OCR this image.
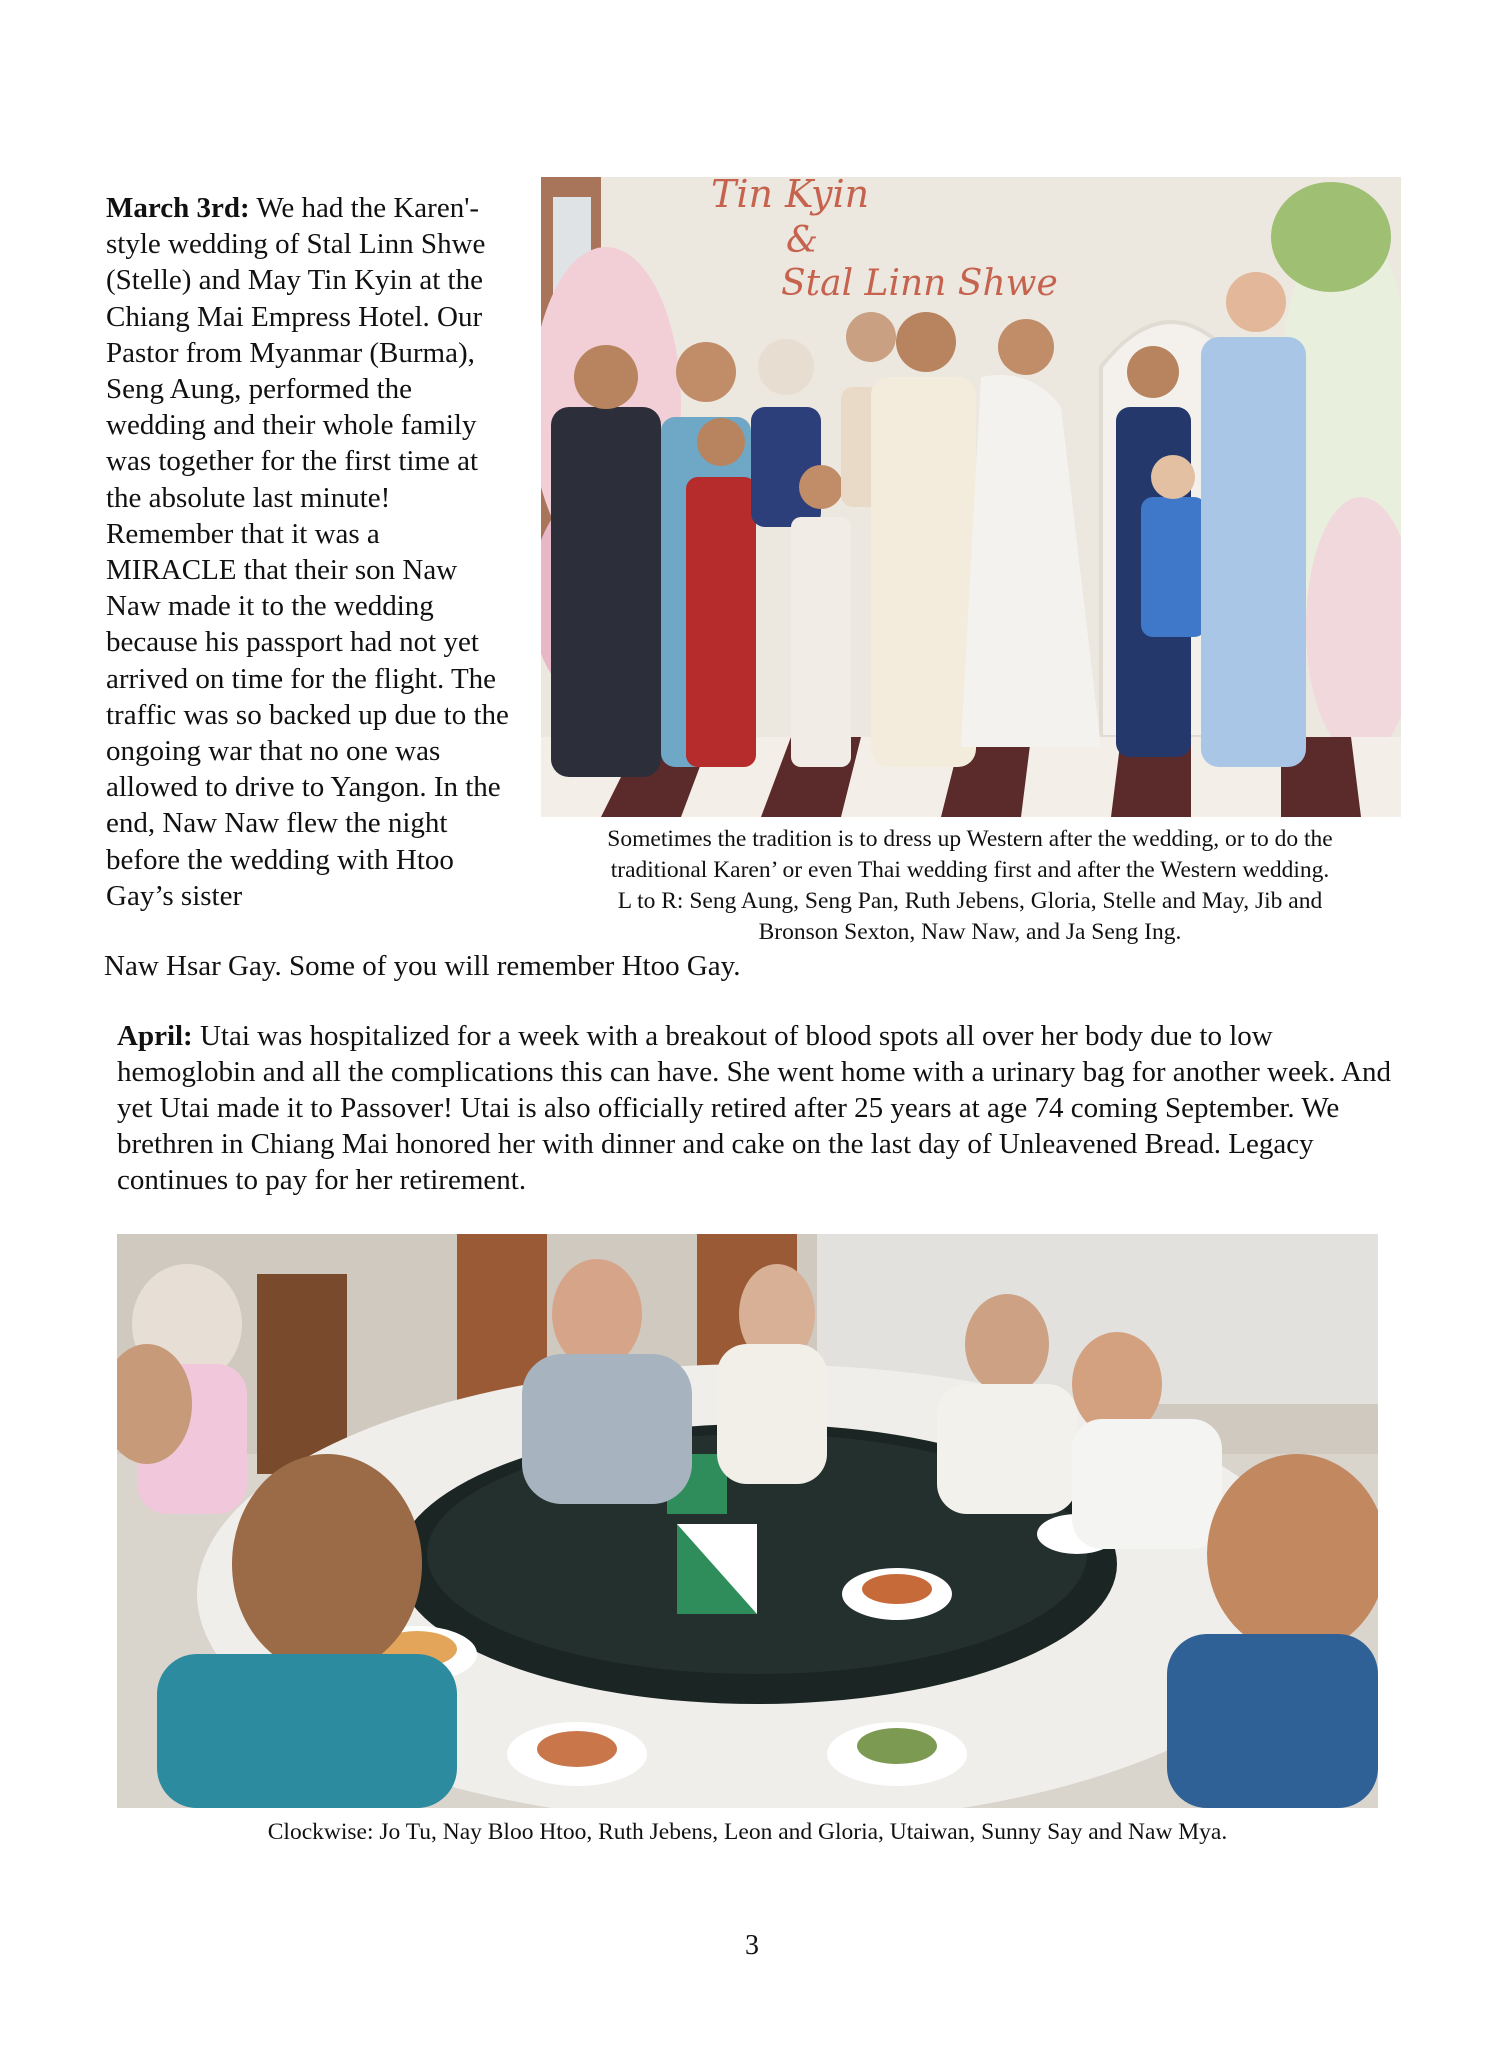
March 3rd: We had the Karen'-style wedding of Stal Linn Shwe (Stelle) and May Tin Kyin at the Chiang Mai Empress Hotel. Our Pastor from Myanmar (Burma), Seng Aung, performed the wedding and their whole family was together for the first time at the absolute last minute! Remember that it was a MIRACLE that their son Naw Naw made it to the wedding because his passport had not yet arrived on time for the flight. The traffic was so backed up due to the ongoing war that no one was allowed to drive to Yangon. In the end, Naw Naw flew the night before the wedding with Htoo Gay’s sister
Naw Hsar Gay. Some of you will remember Htoo Gay.
Tin Kyin
&
Stal Linn Shwe
Sometimes the tradition is to dress up Western after the wedding, or to do the
traditional Karen’ or even Thai wedding first and after the Western wedding.
L to R: Seng Aung, Seng Pan, Ruth Jebens, Gloria, Stelle and May, Jib and
Bronson Sexton, Naw Naw, and Ja Seng Ing.
April: Utai was hospitalized for a week with a breakout of blood spots all over her body due to low hemoglobin and all the complications this can have. She went home with a urinary bag for another week. And yet Utai made it to Passover! Utai is also officially retired after 25 years at age 74 coming September. We brethren in Chiang Mai honored her with dinner and cake on the last day of Unleavened Bread. Legacy continues to pay for her retirement.
Clockwise: Jo Tu, Nay Bloo Htoo, Ruth Jebens, Leon and Gloria, Utaiwan, Sunny Say and Naw Mya.
3
